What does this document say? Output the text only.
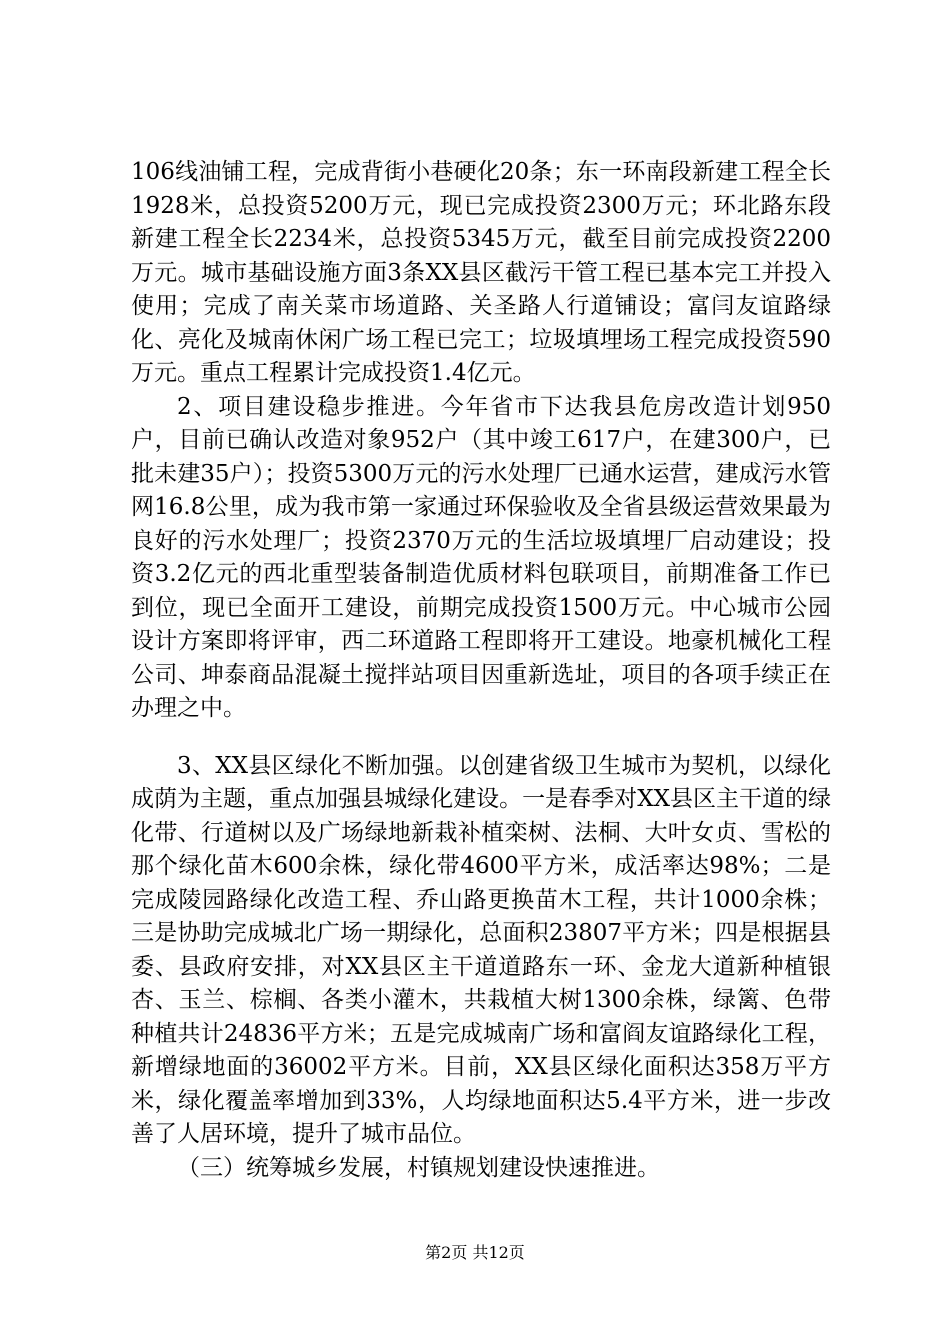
106线油铺工程，完成背街小巷硬化20条；东一环南段新建工程全长1928米，总投资5200万元，现已完成投资2300万元；环北路东段新建工程全长2234米，总投资5345万元，截至目前完成投资2200万元。城市基础设施方面3条XX县区截污干管工程已基本完工并投入使用；完成了南关菜市场道路、关圣路人行道铺设；富闫友谊路绿化、亮化及城南休闲广场工程已完工；垃圾填埋场工程完成投资590万元。重点工程累计完成投资1.4亿元。

2、项目建设稳步推进。今年省市下达我县危房改造计划950户，目前已确认改造对象952户（其中竣工617户，在建300户，已批未建35户）；投资5300万元的污水处理厂已通水运营，建成污水管网16.8公里，成为我市第一家通过环保验收及全省县级运营效果最为良好的污水处理厂；投资2370万元的生活垃圾填埋厂启动建设；投资3.2亿元的西北重型装备制造优质材料包联项目，前期准备工作已到位，现已全面开工建设，前期完成投资1500万元。中心城市公园设计方案即将评审，西二环道路工程即将开工建设。地豪机械化工程公司、坤泰商品混凝土搅拌站项目因重新选址，项目的各项手续正在办理之中。

3、XX县区绿化不断加强。以创建省级卫生城市为契机，以绿化成荫为主题，重点加强县城绿化建设。一是春季对XX县区主干道的绿化带、行道树以及广场绿地新栽补植栾树、法桐、大叶女贞、雪松的那个绿化苗木600余株，绿化带4600平方米，成活率达98%；二是完成陵园路绿化改造工程、乔山路更换苗木工程，共计1000余株；三是协助完成城北广场一期绿化，总面积23807平方米；四是根据县委、县政府安排，对XX县区主干道道路东一环、金龙大道新种植银杏、玉兰、棕榈、各类小灌木，共栽植大树1300余株，绿篱、色带种植共计24836平方米；五是完成城南广场和富阎友谊路绿化工程，新增绿地面的36002平方米。目前，XX县区绿化面积达358万平方米，绿化覆盖率增加到33%，人均绿地面积达5.4平方米，进一步改善了人居环境，提升了城市品位。

（三）统筹城乡发展，村镇规划建设快速推进。

第2页 共12页
